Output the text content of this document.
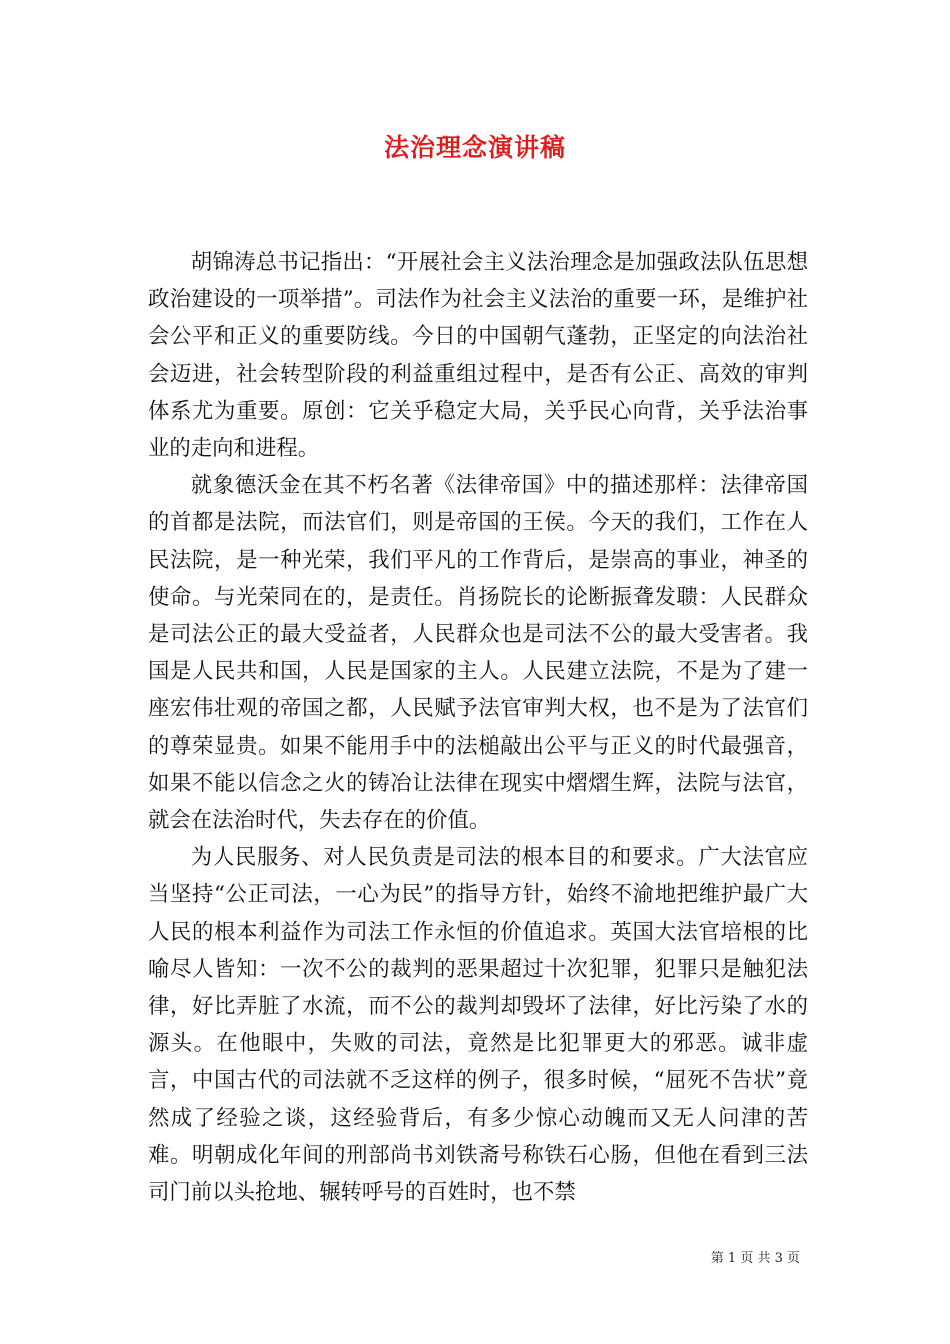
法治理念演讲稿

胡锦涛总书记指出：“开展社会主义法治理念是加强政法队伍思想政治建设的一项举措”。司法作为社会主义法治的重要一环，是维护社会公平和正义的重要防线。今日的中国朝气蓬勃，正坚定的向法治社会迈进，社会转型阶段的利益重组过程中，是否有公正、高效的审判体系尤为重要。原创：它关乎稳定大局，关乎民心向背，关乎法治事业的走向和进程。

就象德沃金在其不朽名著《法律帝国》中的描述那样：法律帝国的首都是法院，而法官们，则是帝国的王侯。今天的我们，工作在人民法院，是一种光荣，我们平凡的工作背后，是崇高的事业，神圣的使命。与光荣同在的，是责任。肖扬院长的论断振聋发聩：人民群众是司法公正的最大受益者，人民群众也是司法不公的最大受害者。我国是人民共和国，人民是国家的主人。人民建立法院，不是为了建一座宏伟壮观的帝国之都，人民赋予法官审判大权，也不是为了法官们的尊荣显贵。如果不能用手中的法槌敲出公平与正义的时代最强音，如果不能以信念之火的铸冶让法律在现实中熠熠生辉，法院与法官，就会在法治时代，失去存在的价值。

为人民服务、对人民负责是司法的根本目的和要求。广大法官应当坚持“公正司法，一心为民”的指导方针，始终不渝地把维护最广大人民的根本利益作为司法工作永恒的价值追求。英国大法官培根的比喻尽人皆知：一次不公的裁判的恶果超过十次犯罪，犯罪只是触犯法律，好比弄脏了水流，而不公的裁判却毁坏了法律，好比污染了水的源头。在他眼中，失败的司法，竟然是比犯罪更大的邪恶。诚非虚言，中国古代的司法就不乏这样的例子，很多时候，“屈死不告状”竟然成了经验之谈，这经验背后，有多少惊心动魄而又无人问津的苦难。明朝成化年间的刑部尚书刘铁斋号称铁石心肠，但他在看到三法司门前以头抢地、辗转呼号的百姓时，也不禁

第 1 页 共 3 页
